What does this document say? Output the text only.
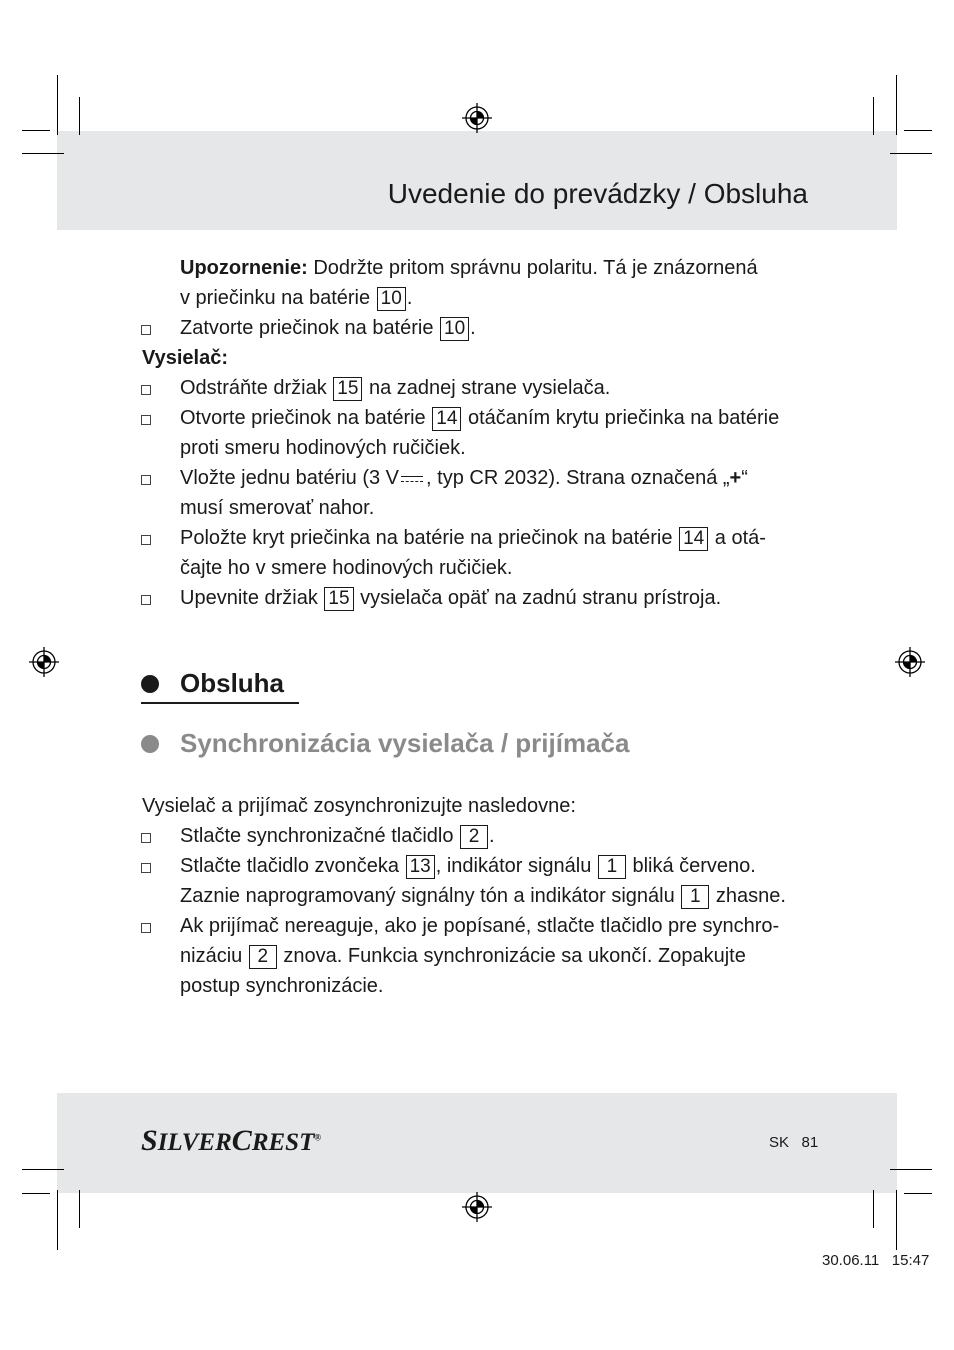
Uvedenie do prevádzky / Obsluha
Upozornenie: Dodržte pritom správnu polaritu. Tá je znázornená
v priečinku na batérie 10 .
Zatvorte priečinok na batérie 10 .
Vysielač:
Odstráňte držiak 15 na zadnej strane vysielača.
Otvorte priečinok na batérie 14 otáčaním krytu priečinka na batérie
proti smeru hodinových ručičiek.
Vložte jednu batériu (3 V , typ CR 2032). Strana označená „+“
musí smerovať nahor.
Položte kryt priečinka na batérie na priečinok na batérie 14 a otá-
čajte ho v smere hodinových ručičiek.
Upevnite držiak 15 vysielača opäť na zadnú stranu prístroja.
Obsluha
Synchronizácia vysielača / prijímača
Vysielač a prijímač zosynchronizujte nasledovne:
Stlačte synchronizačné tlačidlo 2 .
Stlačte tlačidlo zvončeka 13 , indikátor signálu 1 bliká červeno.
Zaznie naprogramovaný signálny tón a indikátor signálu 1 zhasne.
Ak prijímač nereaguje, ako je popísané, stlačte tlačidlo pre synchro-
nizáciu 2 znova. Funkcia synchronizácie sa ukončí. Zopakujte
postup synchronizácie.
SILVERCREST®	SK   81
30.06.11   15:47
